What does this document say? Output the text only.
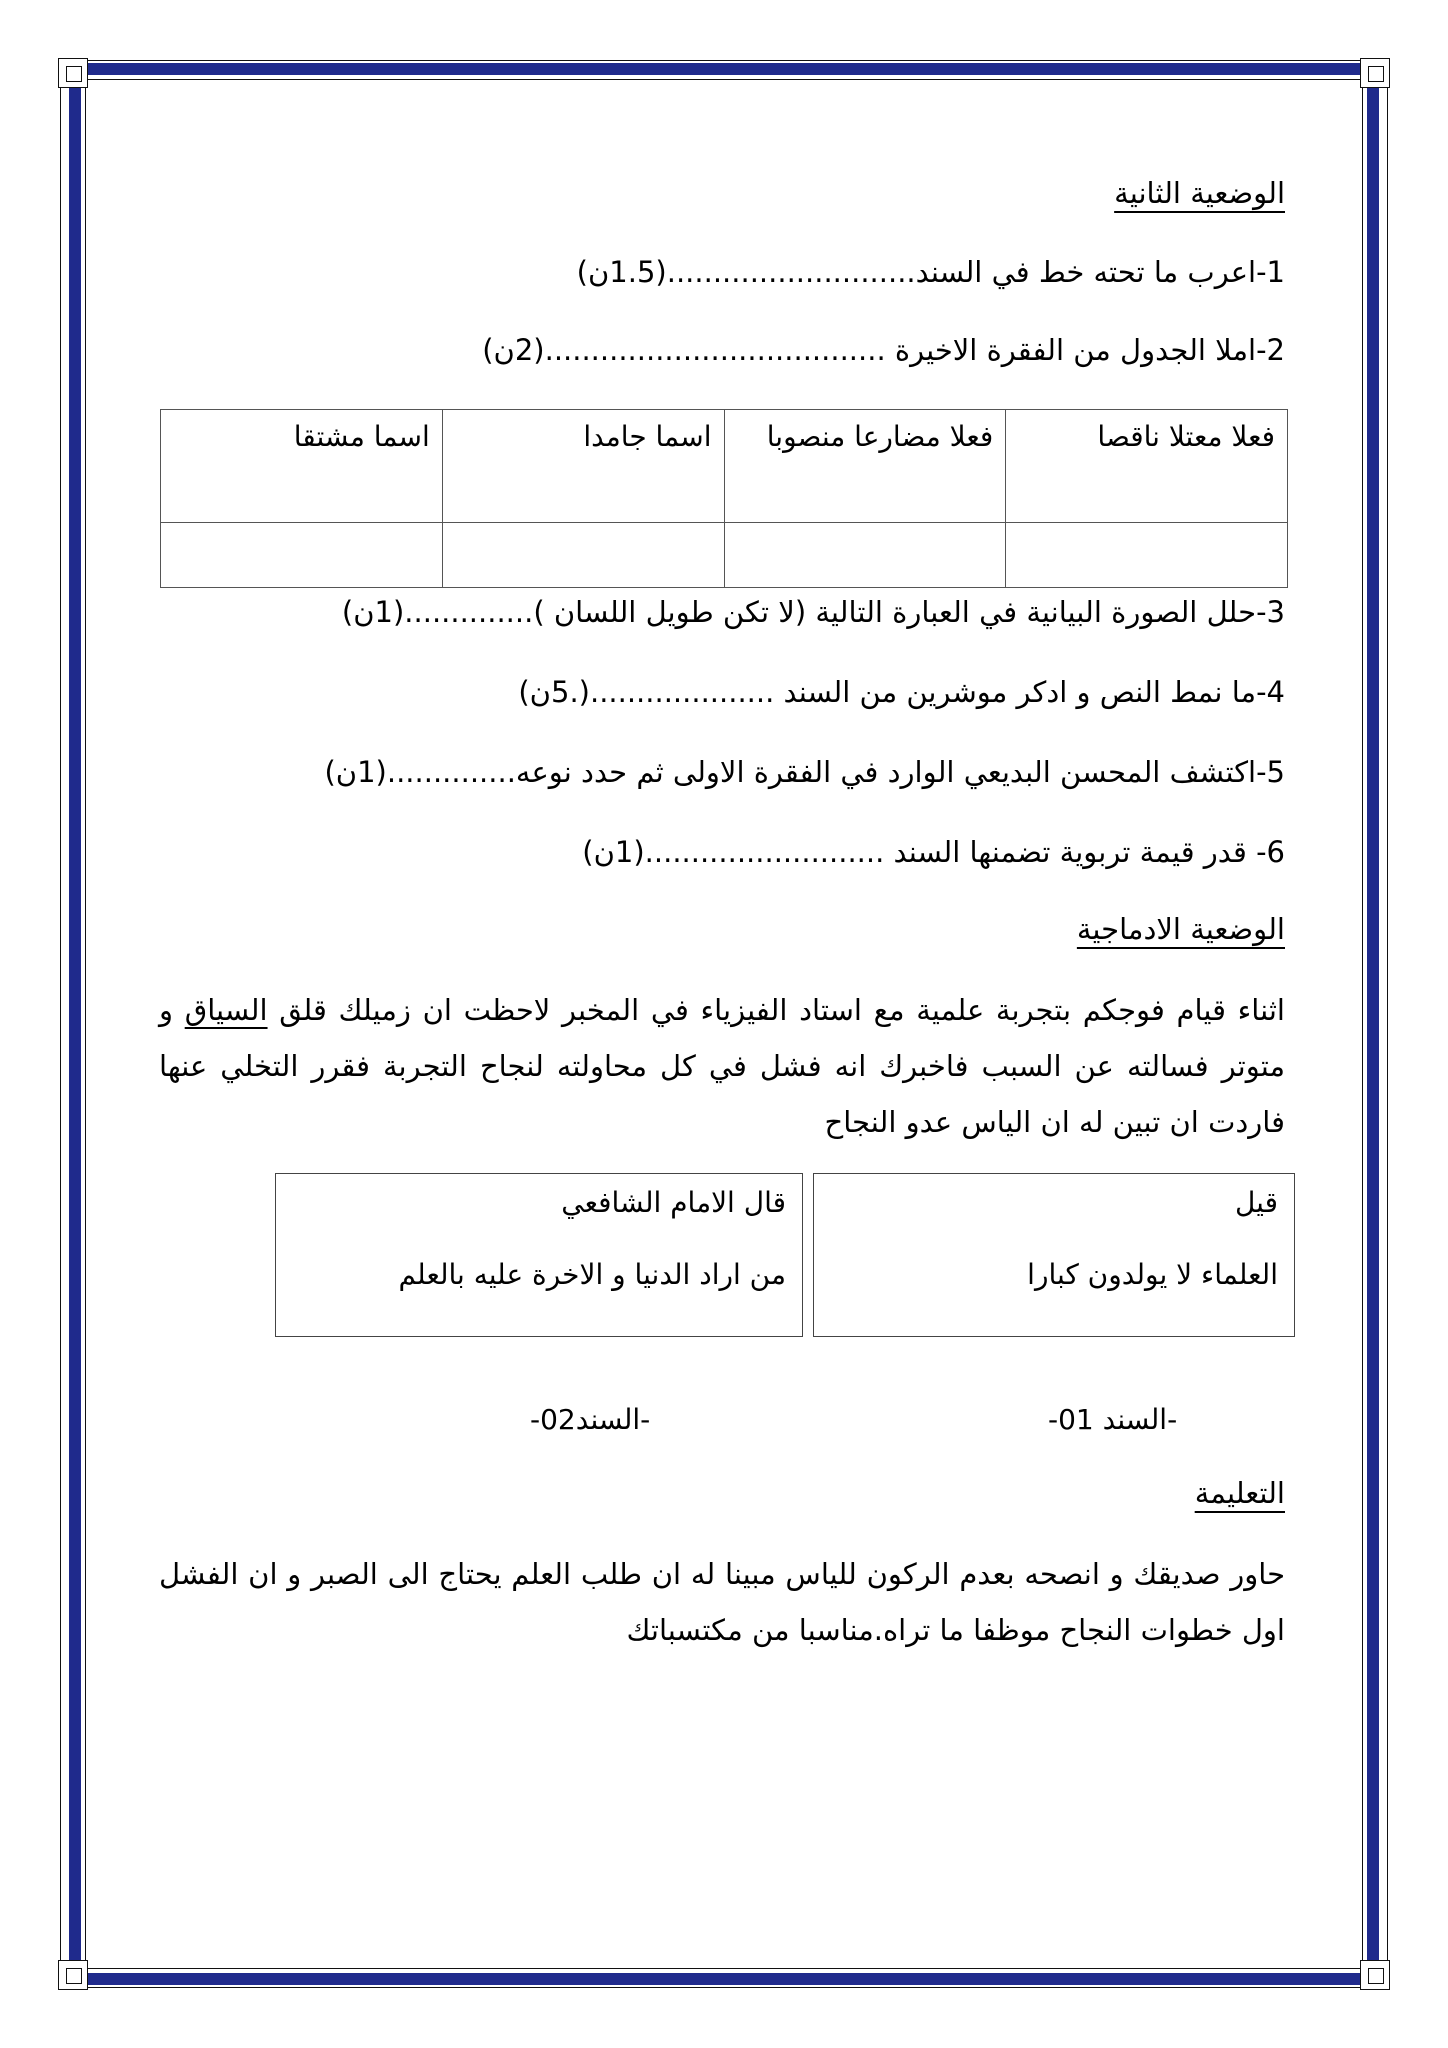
الوضعية الثانية
1-اعرب ما تحته خط في السند...........................(1.5ن)
2-املا الجدول من الفقرة الاخيرة .....................................(2ن)
فعلا معتلا ناقصا	فعلا مضارعا منصوبا	اسما جامدا	اسما مشتقا

3-حلل الصورة البيانية في العبارة التالية (لا تكن طويل اللسان )..............(1ن)
4-ما نمط النص و ادكر موشرين من السند ....................(.5ن)
5-اكتشف المحسن البديعي الوارد في الفقرة الاولى ثم حدد نوعه..............(1ن)
6- قدر قيمة تربوية تضمنها السند ..........................(1ن)
الوضعية الادماجية
اثناء قيام فوجكم بتجربة علمية مع استاد الفيزياء في المخبر لاحظت ان زميلك قلق السياق و متوتر فسالته عن السبب فاخبرك انه فشل في كل محاولته لنجاح التجربة فقرر التخلي عنها فاردت ان تبين له ان الياس عدو النجاح
قيل
العلماء لا يولدون كبارا
قال الامام الشافعي
من اراد الدنيا و الاخرة عليه بالعلم
-السند 01-
-السند02-
التعليمة
حاور صديقك و انصحه بعدم الركون للياس مبينا له ان طلب العلم يحتاج الى الصبر و ان الفشل اول خطوات النجاح موظفا ما تراه.مناسبا من مكتسباتك
